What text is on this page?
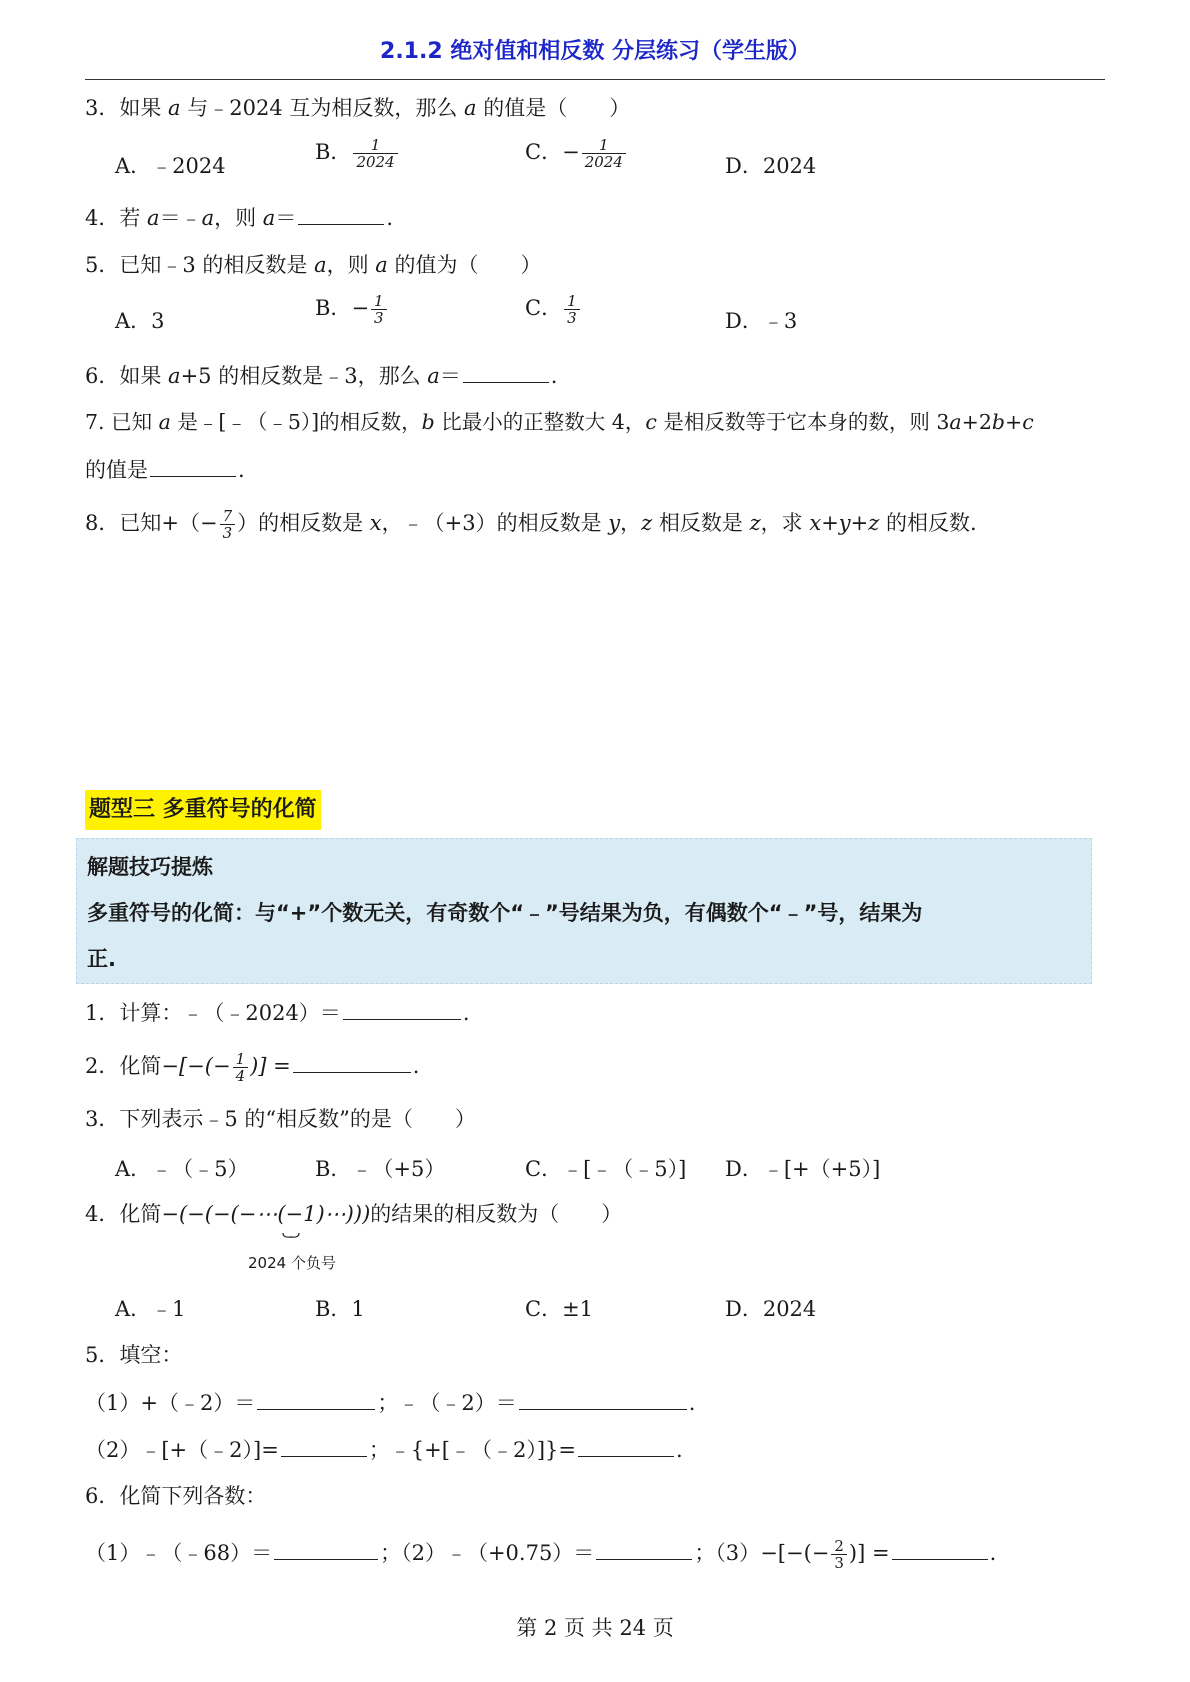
2.1.2 绝对值和相反数 分层练习（学生版）
3．如果 a 与﹣2024 互为相反数，那么 a 的值是（　　）
A．﹣2024
B． $\frac{1}{2024}$	C．− $\frac{1}{2024}$	D．2024
4．若 a＝﹣a，则 a＝	.
5．已知﹣3 的相反数是 a，则 a 的值为（　　）
A．3
B．− $\frac{1}{3}$	C． $\frac{1}{3}$	D．﹣3
6．如果 a+5 的相反数是﹣3，那么 a＝	.
7. 已知 a 是﹣[﹣（﹣5）]的相反数，b 比最小的正整数大 4，c 是相反数等于它本身的数，则 3a+2b+c
的值是	.
8．已知+（− $\frac{7}{3}$ ）的相反数是 x，﹣（+3）的相反数是 y，z 相反数是 z，求 x+y+z 的相反数.
题型三 多重符号的化简
解题技巧提炼
多重符号的化简：与“+”个数无关，有奇数个“﹣”号结果为负，有偶数个“﹣”号，结果为
正.
1．计算：﹣（﹣2024）＝	.
2．化简−[−(− $\frac{1}{4}$ )] =	.
3．下列表示﹣5 的“相反数”的是（　　）
A．﹣（﹣5）	B．﹣（+5）	C．﹣[﹣（﹣5）] D．﹣[+（+5）]
4．化简−(−(−(−⋯(−1)⋯)))的结果的相反数为（　　）
2024 个负号
A．﹣1	B．1	C．±1	D．2024
5．填空：
（1）+（﹣2）＝	；﹣（﹣2）＝	.
（2）﹣[+（﹣2）]=	；﹣{+[﹣（﹣2）]}=	.
6．化简下列各数：
（1）﹣（﹣68）＝	；（2）﹣（+0.75）＝	；$(3)-[-(- \frac{2}{3}$ )] =	.
第 2 页 共 24 页
